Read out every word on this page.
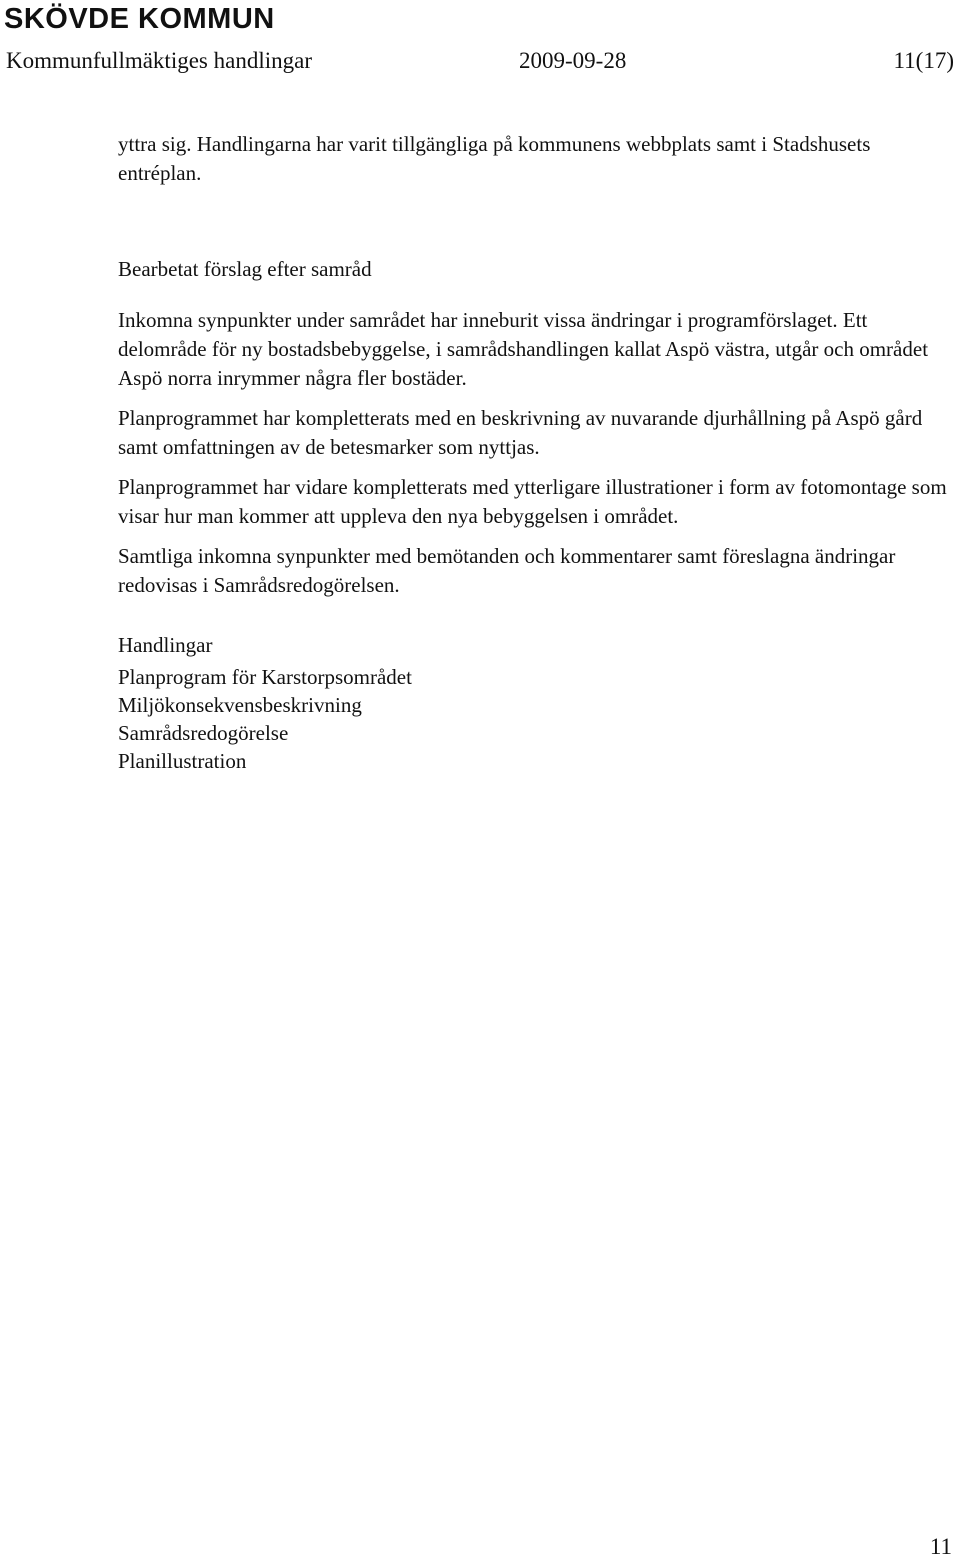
SKÖVDE KOMMUN
Kommunfullmäktiges handlingar	2009-09-28	11(17)

yttra sig. Handlingarna har varit tillgängliga på kommunens webbplats samt i Stadshusets entréplan.

Bearbetat förslag efter samråd

Inkomna synpunkter under samrådet har inneburit vissa ändringar i programförslaget. Ett delområde för ny bostadsbebyggelse, i samrådshandlingen kallat Aspö västra, utgår och området Aspö norra inrymmer några fler bostäder.

Planprogrammet har kompletterats med en beskrivning av nuvarande djurhållning på Aspö gård samt omfattningen av de betesmarker som nyttjas.

Planprogrammet har vidare kompletterats med ytterligare illustrationer i form av fotomontage som visar hur man kommer att uppleva den nya bebyggelsen i området.

Samtliga inkomna synpunkter med bemötanden och kommentarer samt föreslagna ändringar redovisas i Samrådsredogörelsen.

Handlingar

Planprogram för Karstorpsområdet
Miljökonsekvensbeskrivning
Samrådsredogörelse
Planillustration
11
